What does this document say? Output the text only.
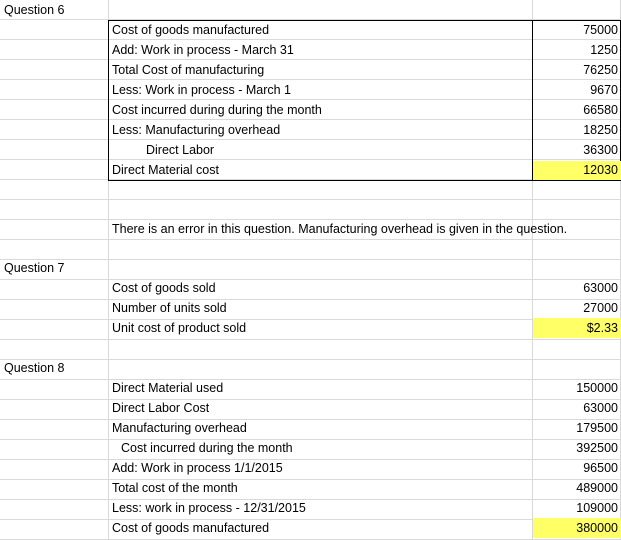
Question 6
Cost of goods manufactured	75000
Add: Work in process - March 31	1250
Total Cost of manufacturing	76250
Less: Work in process - March 1	9670
Cost incurred during during the month	66580
Less: Manufacturing overhead	18250
Direct Labor	36300
Direct Material cost	12030
There is an error in this question. Manufacturing overhead is given in the question.
Question 7
Cost of goods sold	63000
Number of units sold	27000
Unit cost of product sold	$2.33
Question 8
Direct Material used	150000
Direct Labor Cost	63000
Manufacturing overhead	179500
Cost incurred during the month	392500
Add: Work in process 1/1/2015	96500
Total cost of the month	489000
Less: work in process - 12/31/2015	109000
Cost of goods manufactured	380000
